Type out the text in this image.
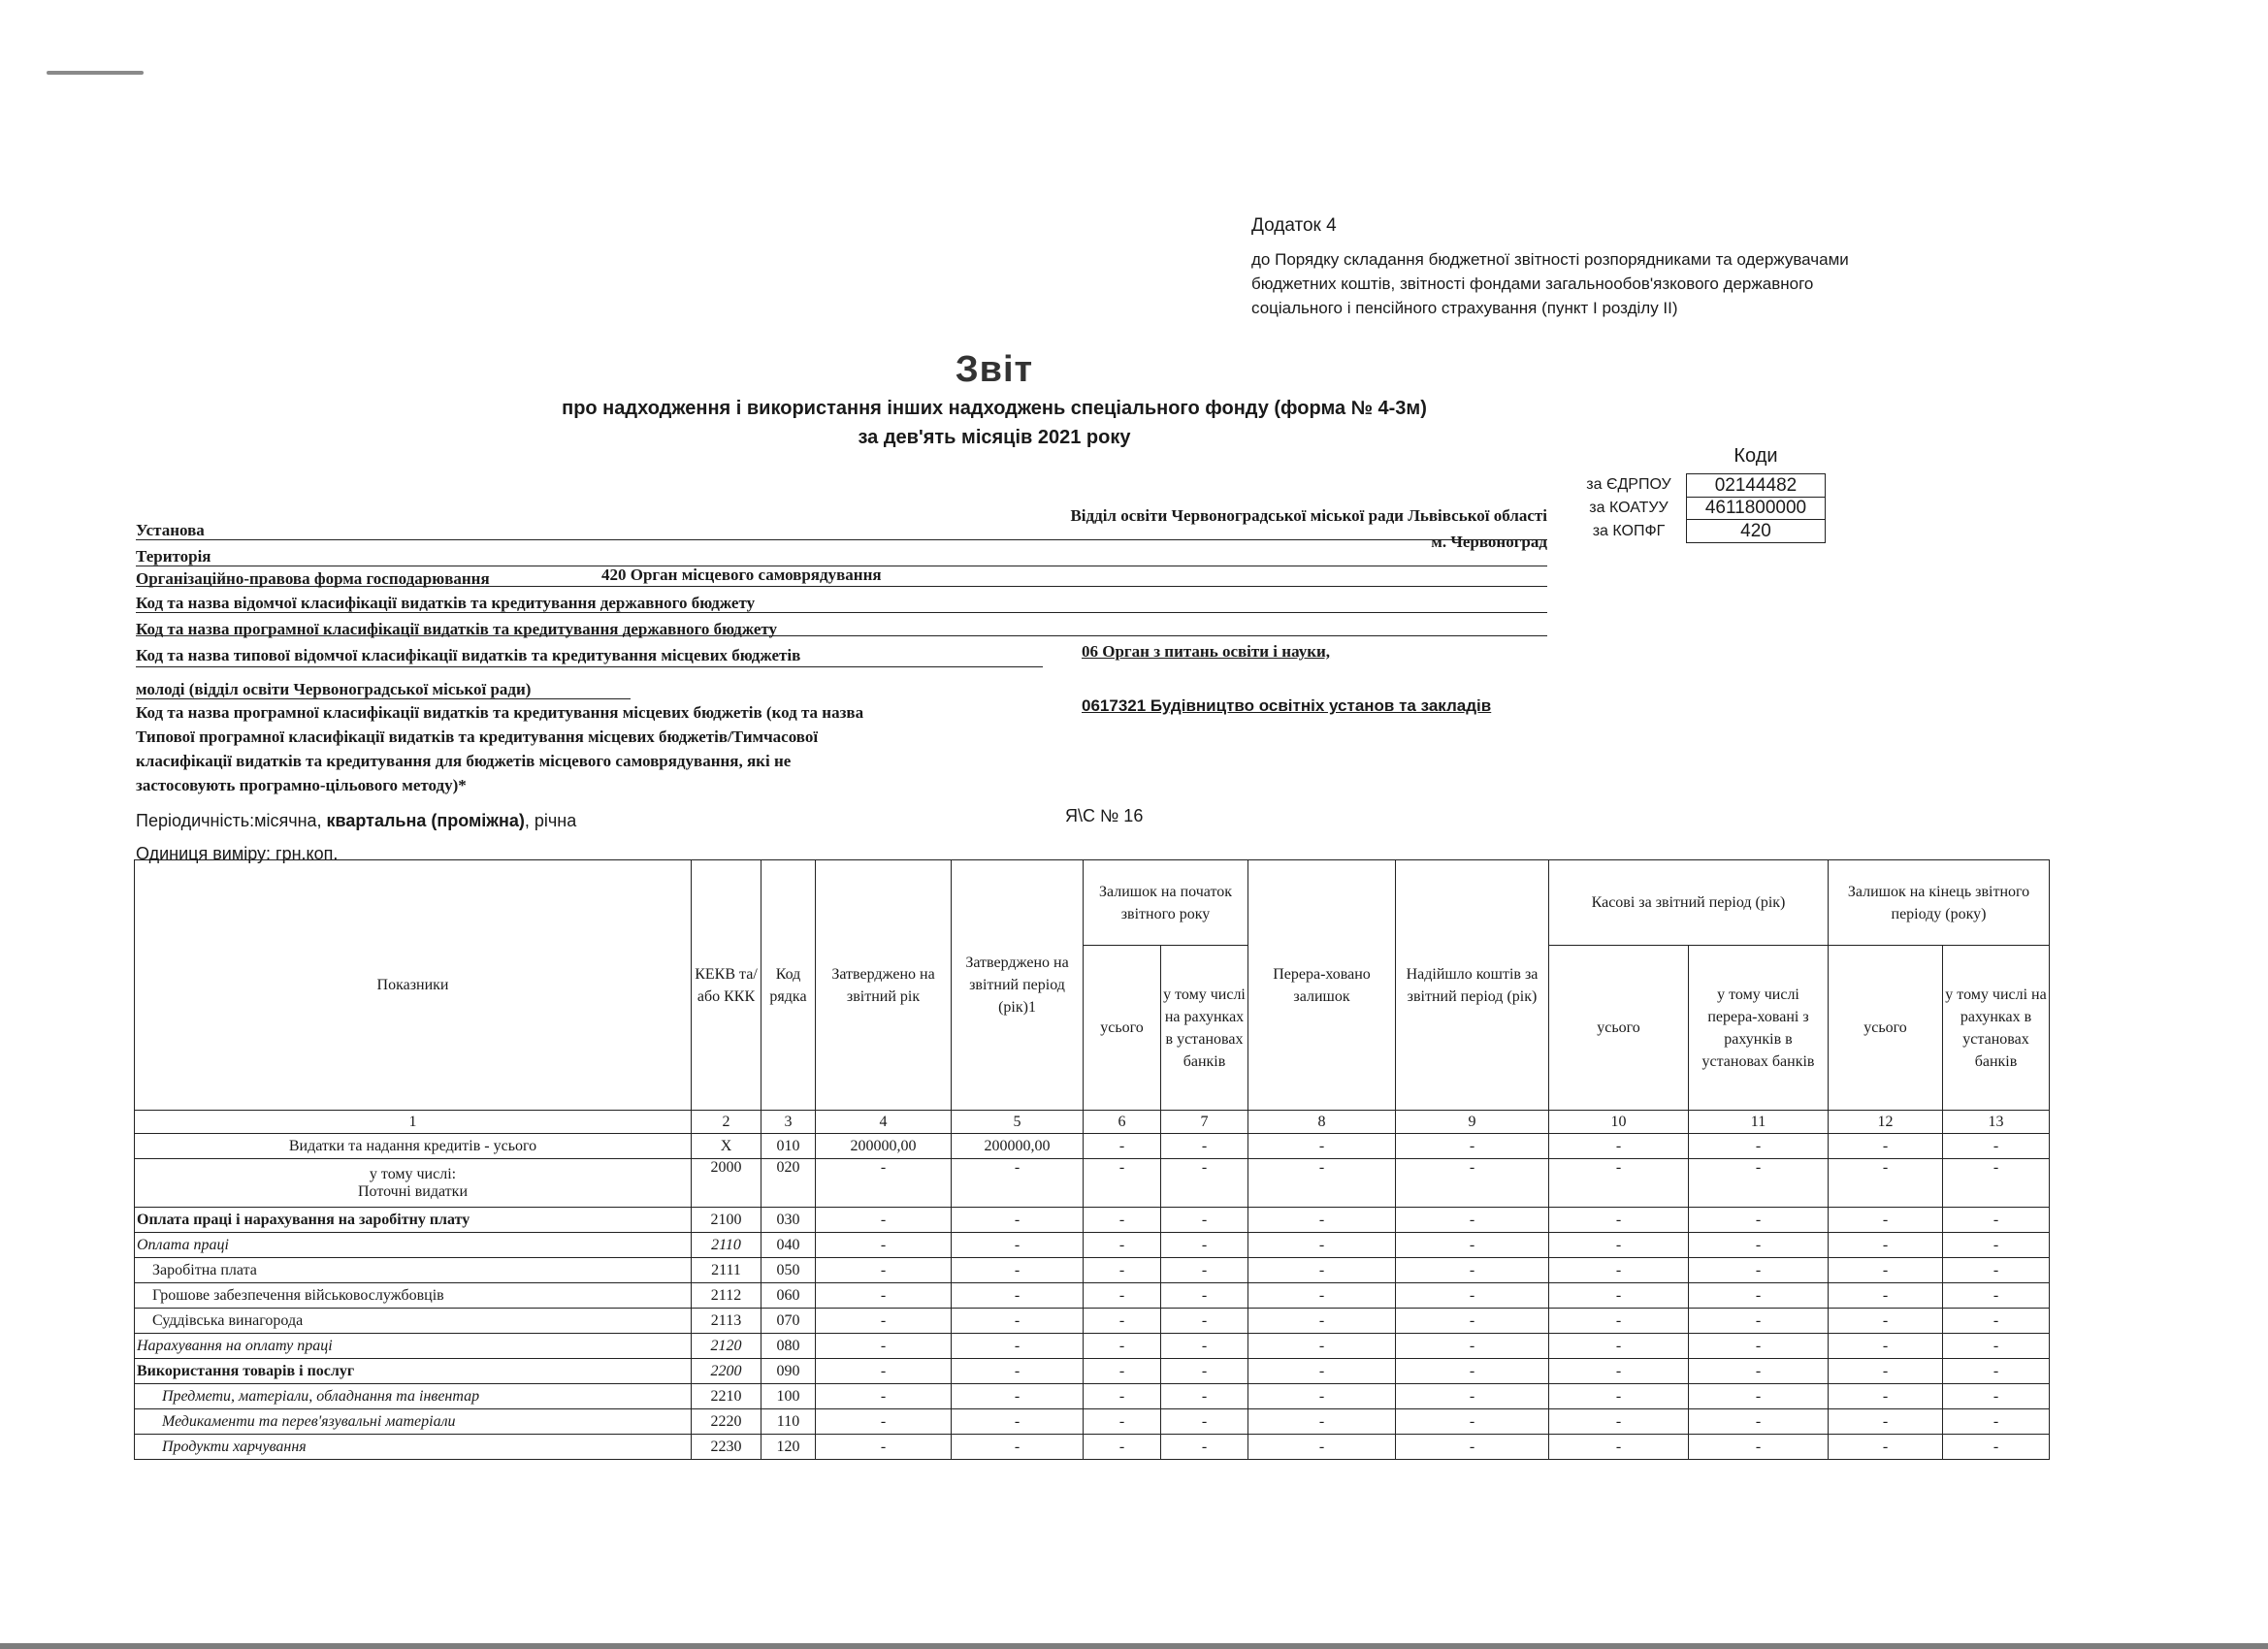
Додаток 4
до Порядку складання бюджетної звітності розпорядниками та одержувачами бюджетних коштів, звітності фондами загальнообов'язкового державного соціального і пенсійного страхування (пункт I розділу II)
Звіт
про надходження і використання інших надходжень спеціального фонду (форма № 4-3м)
за дев'ять місяців 2021 року
Коди
за ЄДРПОУ	02144482
за КОАТУУ	4611800000
за КОПФГ	420
Установа
Відділ освіти Червоноградської міської ради Львівської області
Територія
м. Червоноград
Організаційно-правова форма господарювання	420 Орган місцевого самоврядування
Код та назва відомчої класифікації видатків та кредитування державного бюджету
Код та назва програмної класифікації видатків та кредитування державного бюджету
Код та назва типової відомчої класифікації видатків та кредитування місцевих бюджетів	06 Орган з питань освіти і науки,
молоді (відділ освіти Червоноградської міської ради)
Код та назва програмної класифікації видатків та кредитування місцевих бюджетів (код та назва
Типової програмної класифікації видатків та кредитування місцевих бюджетів/Тимчасової
класифікації видатків та кредитування для бюджетів місцевого самоврядування, які не
застосовують програмно-цільового методу)*
0617321 Будівництво освітніх установ та закладів
Періодичність:місячна, квартальна (проміжна), річна	Я\С № 16
Одиниця виміру: грн.коп.
Показники	КЕКВ та/або ККК	Код рядка	Затверджено на звітний рік	Затверджено на звітний період (рік)1	Залишок на початок звітного року		Перера-ховано залишок	Надійшло коштів за звітний період (рік)	Касові за звітний період (рік)		Залишок на кінець звітного періоду (року)	
					усього	у тому числі на рахунках в установах банків			усього	у тому числі перера-ховані з рахунків в установах банків	усього	у тому числі на рахунках в установах банків
1	2	3	4	5	6	7	8	9	10	11	12	13

Видатки та надання кредитів - усього	X	010	200000,00	200000,00	-	-	-	-	-	-	-	-

у тому числі:
Поточні видатки	2000	020	-	-	-	-	-	-	-	-	-	-

Оплата праці і нарахування на заробітну плату	2100	030	-	-	-	-	-	-	-	-	-	-

Оплата праці	2110	040	-	-	-	-	-	-	-	-	-	-

Заробітна плата	2111	050	-	-	-	-	-	-	-	-	-	-

Грошове забезпечення військовослужбовців	2112	060	-	-	-	-	-	-	-	-	-	-

Суддівська винагорода	2113	070	-	-	-	-	-	-	-	-	-	-

Нарахування на оплату праці	2120	080	-	-	-	-	-	-	-	-	-	-

Використання товарів і послуг	2200	090	-	-	-	-	-	-	-	-	-	-

Предмети, матеріали, обладнання та інвентар	2210	100	-	-	-	-	-	-	-	-	-	-

Медикаменти та перев'язувальні матеріали	2220	110	-	-	-	-	-	-	-	-	-	-

Продукти харчування	2230	120	-	-	-	-	-	-	-	-	-	-
